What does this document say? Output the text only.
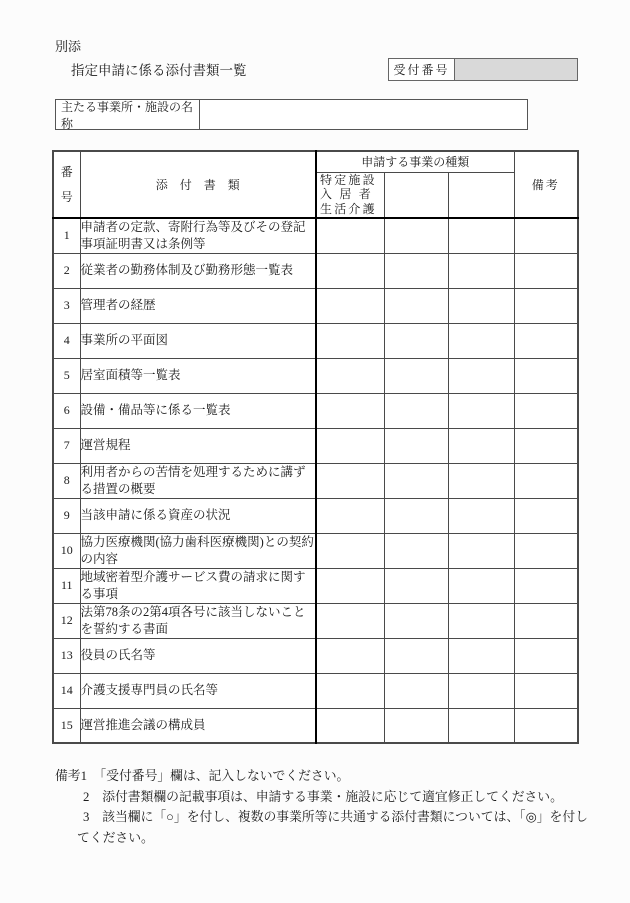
別添
指定申請に係る添付書類一覧	受付番号
主たる事業所・施設の名称
番
号	添　付　書　類	申請する事業の種類			備考

		特定施設
入 居 者
生活介護			

1	申請者の定款、寄附行為等及びその登記事項証明書又は条例等				
2	従業者の勤務体制及び勤務形態一覧表				
3	管理者の経歴				
4	事業所の平面図				
5	居室面積等一覧表				
6	設備・備品等に係る一覧表				
7	運営規程				
8	利用者からの苦情を処理するために講ずる措置の概要				
9	当該申請に係る資産の状況				
10	協力医療機関(協力歯科医療機関)との契約の内容				
11	地域密着型介護サービス費の請求に関する事項				
12	法第78条の2第4項各号に該当しないことを誓約する書面				
13	役員の氏名等				
14	介護支援専門員の氏名等				
15	運営推進会議の構成員				
備考1　「受付番号」欄は、記入しないでください。
2　添付書類欄の記載事項は、申請する事業・施設に応じて適宜修正してください。
3　該当欄に「○」を付し、複数の事業所等に共通する添付書類については、「◎」を付してください。
